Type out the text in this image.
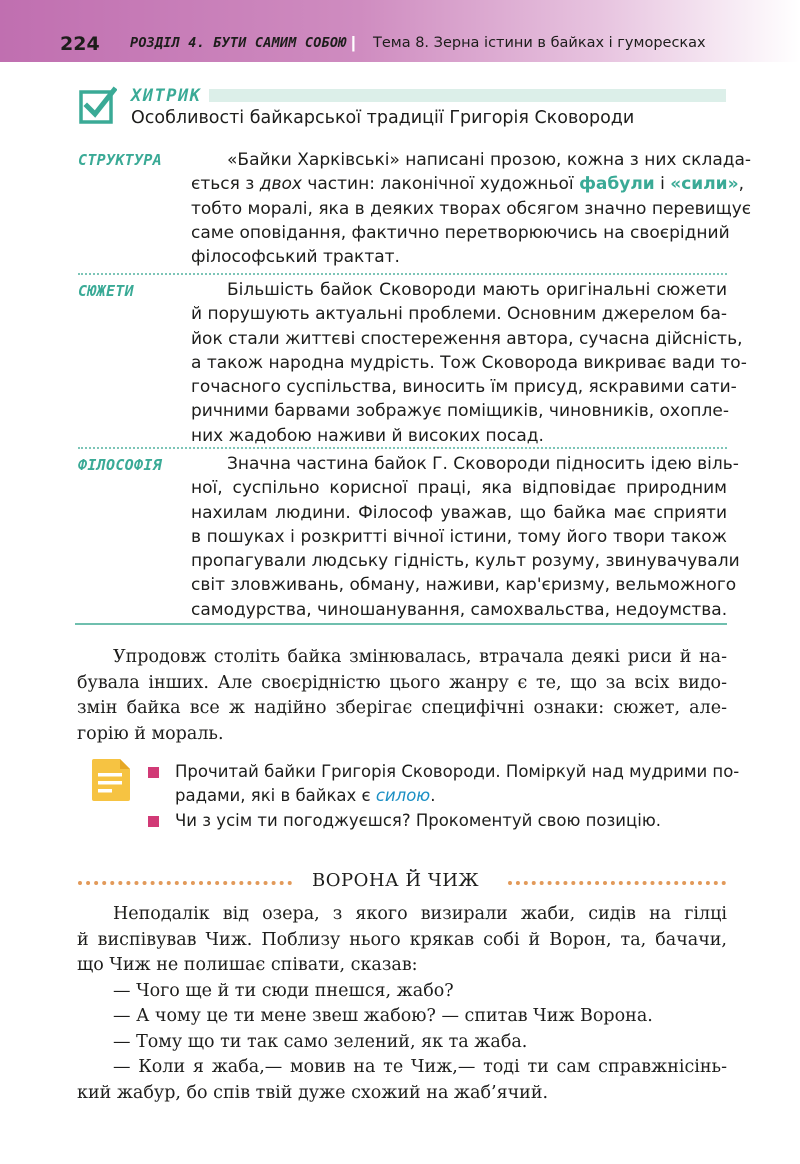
224 РОЗДІЛ 4. БУТИ САМИМ СОБОЮ | Тема 8. Зерна істини в байках і гуморесках
ХИТРИК
Особливості байкарської традиції Григорія Сковороди
СТРУКТУРА	«Байки Харківські» написані прозою, кожна з них склада-
ється з двох частин: лаконічної художньої фабули і «сили»,
тобто моралі, яка в деяких творах обсягом значно перевищує
саме оповідання, фактично перетворюючись на своєрідний
філософський трактат.
СЮЖЕТИ	Більшість байок Сковороди мають оригінальні сюжети
й порушують актуальні проблеми. Основним джерелом ба-
йок стали життєві спостереження автора, сучасна дійсність,
а також народна мудрість. Тож Сковорода викриває вади то-
гочасного суспільства, виносить їм присуд, яскравими сати-
ричними барвами зображує поміщиків, чиновників, охопле-
них жадобою наживи й високих посад.
ФІЛОСОФІЯ	Значна частина байок Г. Сковороди підносить ідею віль-
ної, суспільно корисної праці, яка відповідає природним
нахилам людини. Філософ уважав, що байка має сприяти
в пошуках і розкритті вічної істини, тому його твори також
пропагували людську гідність, культ розуму, звинувачували
світ зловживань, обману, наживи, кар'єризму, вельможного
самодурства, чиношанування, самохвальства, недоумства.
Упродовж століть байка змінювалась, втрачала деякі риси й на-
бувала інших. Але своєрідністю цього жанру є те, що за всіх видо-
змін байка все ж надійно зберігає специфічні ознаки: сюжет, але-
горію й мораль.
Прочитай байки Григорія Сковороди. Поміркуй над мудрими по-
радами, які в байках є силою.
Чи з усім ти погоджуєшся? Прокоментуй свою позицію.
ВОРОНА Й ЧИЖ
Неподалік від озера, з якого визирали жаби, сидів на гілці
й виспівував Чиж. Поблизу нього крякав собі й Ворон, та, бачачи,
що Чиж не полишає співати, сказав:
— Чого ще й ти сюди пнешся, жабо?
— А чому це ти мене звеш жабою? — спитав Чиж Ворона.
— Тому що ти так само зелений, як та жаба.
— Коли я жаба,— мовив на те Чиж,— тоді ти сам справжнісінь-
кий жабур, бо спів твій дуже схожий на жаб’ячий.
